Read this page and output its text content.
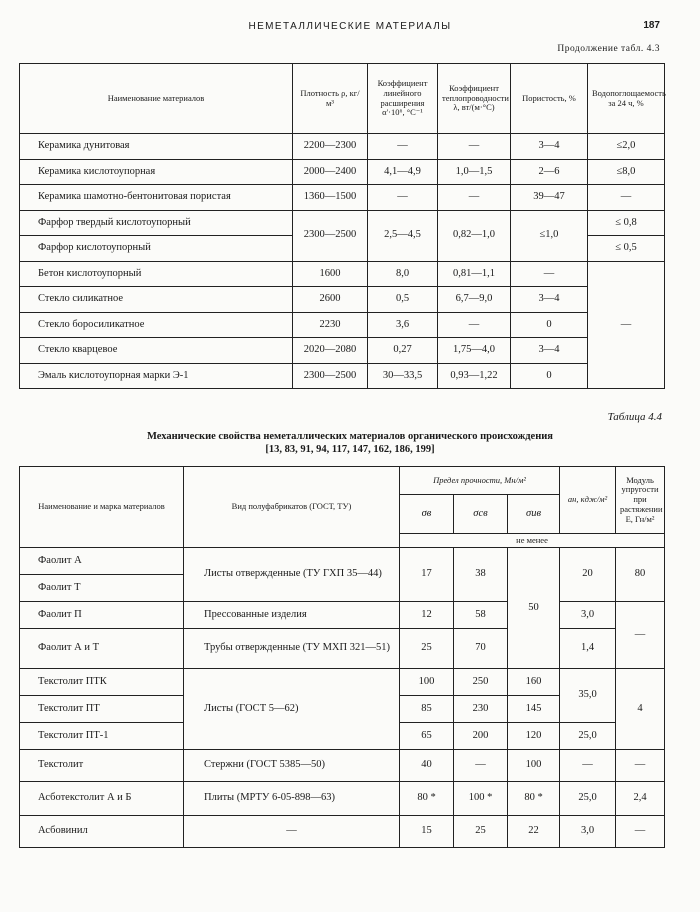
НЕМЕТАЛЛИЧЕСКИЕ МАТЕРИАЛЫ	187
Продолжение табл. 4.3
Наименование материалов	Плотность ρ, кг/м³	Коэффициент линейного расширения α'·10⁶, °C⁻¹	Коэффициент теплопроводности λ, вт/(м·°С)	Пористость, %	Водопоглощаемость за 24 ч, %
Керамика дунитовая	2200—2300	—	—	3—4	≤2,0
Керамика кислотоупорная	2000—2400	4,1—4,9	1,0—1,5	2—6	≤8,0
Керамика шамотно-бентонитовая пористая	1360—1500	—	—	39—47	—
Фарфор твердый кислотоупорный	2300—2500	2,5—4,5	0,82—1,0	≤1,0	≤ 0,8
Фарфор кислотоупорный					≤ 0,5
Бетон кислотоупорный	1600	8,0	0,81—1,1	—	—
Стекло силикатное	2600	0,5	6,7—9,0	3—4	
Стекло боросиликатное	2230	3,6	—	0	
Стекло кварцевое	2020—2080	0,27	1,75—4,0	3—4	
Эмаль кислотоупорная марки Э-1	2300—2500	30—33,5	0,93—1,22	0	
Таблица 4.4
Механические свойства неметаллических материалов органического происхождения
[13, 83, 91, 94, 117, 147, 162, 186, 199]
Наименование и марка материалов	Вид полуфабрикатов (ГОСТ, ТУ)	Предел прочности, Мн/м²			aн, кдж/м²	Модуль упругости при растяжении E, Гн/м²
		σв	σсв	σив		
		не менее				
Фаолит А	Листы отвержденные (ТУ ГХП 35—44)	17	38	50	20	80
Фаолит Т						
Фаолит П	Прессованные изделия	12	58		3,0	—
Фаолит А и Т	Трубы отвержденные (ТУ МХП 321—51)	25	70		1,4	
Текстолит ПТК	Листы (ГОСТ 5—62)	100	250	160	35,0	4
Текстолит ПТ		85	230	145		
Текстолит ПТ-1		65	200	120	25,0	
Текстолит	Стержни (ГОСТ 5385—50)	40	—	100	—	—
Асботекстолит А и Б	Плиты (МРТУ 6-05-898—63)	80 *	100 *	80 *	25,0	2,4
Асбовинил	—	15	25	22	3,0	—
